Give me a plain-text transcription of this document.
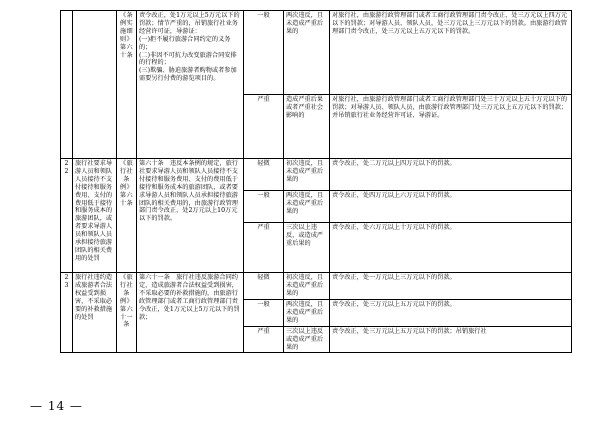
		《条例实施细则》第六十条	责令改正，处1万元以上5万元以下的罚款；情节严重的，吊销旅行社业务经营许可证，导游证：
(一)拒不履行旅游合同约定的义务的；
(二)非因不可抗力改变旅游合同安排的行程的；
(三)欺骗、胁迫旅游者购物或者参加需要另行付费的游览项目的。	一般	两次违反，且未造成严重后果的	对旅行社，由旅游行政管理部门或者工商行政管理部门责令改正，处三万元以上四万元以下的罚款；对导游人员、领队人员，处三万元以上三万元以下的罚款。由旅游行政管理部门责令改正，处三万元以上五万元以下的罚款。
				严重	造成严重后果或者严重社会影响的	对旅行社，由旅游行政管理部门或者工商行政管理部门处三十万元以上五十万元以下的罚款；对导游人员、领队人员，由旅游行政管理部门处三万元以上五万元以下的罚款；并吊销旅行社业务经营许可证、导游证。
22	旅行社要求导游人员和领队人员接待不支付接待和服务费用、支付的费用低于接待和服务成本的旅游团队，或者要求导游人员和领队人员承担接待旅游团队的相关费用的处罚	《旅行社条例》第六十条	第六十条　违反本条例的规定，旅行社要求导游人员和领队人员接待不支付接待和服务费用、支付的费用低于接待和服务成本的旅游团队，或者要求导游人员和领队人员承担接待旅游团队的相关费用的，由旅游行政管理部门责令改正，处2万元以上10万元以下的罚款。	轻微	初次违反，且未造成严重后果的	责令改正，处二万元以上四万元以下的罚款。
				一般	两次违反，且未造成严重后果的	责令改正，处四万元以上六万元以下的罚款。
				严重	三次以上违反，或造成严重后果的	责令改正，处六万元以上十万元以下的罚款。
23	旅行社违约造成旅游者合法权益受到损害，不采取必要的补救措施的处罚	《旅行社条例》第六十一条	第六十一条　旅行社违反旅游合同约定，造成旅游者合法权益受到损害，不采取必要的补救措施的，由旅游行政管理部门或者工商行政管理部门责令改正，处1万元以上5万元以下的罚款；	轻微	初次违反，且未造成严重后果的	责令改正，处一万元以上三万元以下的罚款。
				一般	两次违反，且未造成严重后果的	责令改正，处三万元以上五万元以下的罚款。
				严重	三次以上违反或造成严重后果的	责令改正，处三万元以上五万元以下的罚款；吊销旅行社
— 14 —
